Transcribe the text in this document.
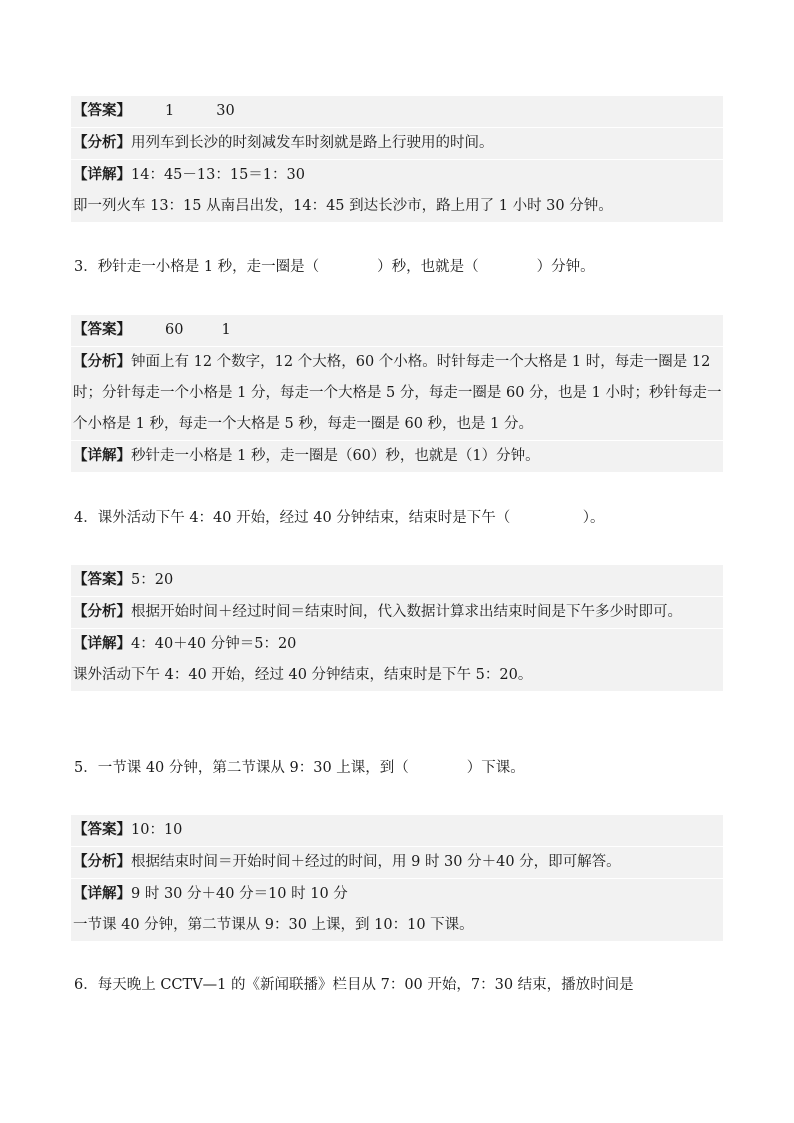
【答案】 1	30
【分析】用列车到长沙的时刻减发车时刻就是路上行驶用的时间。
【详解】14：45－13：15＝1：30
即一列火车 13：15 从南吕出发，14：45 到达长沙市，路上用了 1 小时 30 分钟。
3．秒针走一小格是 1 秒，走一圈是（　　　　）秒，也就是（　　　　）分钟。
【答案】 60	1
【分析】钟面上有 12 个数字，12 个大格，60 个小格。时针每走一个大格是 1 时，每走一圈是 12 时；分针每走一个小格是 1 分，每走一个大格是 5 分，每走一圈是 60 分，也是 1 小时；秒针每走一个小格是 1 秒，每走一个大格是 5 秒，每走一圈是 60 秒，也是 1 分。
【详解】秒针走一小格是 1 秒，走一圈是（60）秒，也就是（1）分钟。
4．课外活动下午 4：40 开始，经过 40 分钟结束，结束时是下午（　　　　　）。
【答案】5：20
【分析】根据开始时间＋经过时间＝结束时间，代入数据计算求出结束时间是下午多少时即可。
【详解】4：40＋40 分钟＝5：20
课外活动下午 4：40 开始，经过 40 分钟结束，结束时是下午 5：20。
5．一节课 40 分钟，第二节课从 9：30 上课，到（　　　　）下课。
【答案】10：10
【分析】根据结束时间＝开始时间＋经过的时间，用 9 时 30 分＋40 分，即可解答。
【详解】9 时 30 分＋40 分＝10 时 10 分
一节课 40 分钟，第二节课从 9：30 上课，到 10：10 下课。
6．每天晚上 CCTV—1 的《新闻联播》栏目从 7：00 开始，7：30 结束，播放时间是
